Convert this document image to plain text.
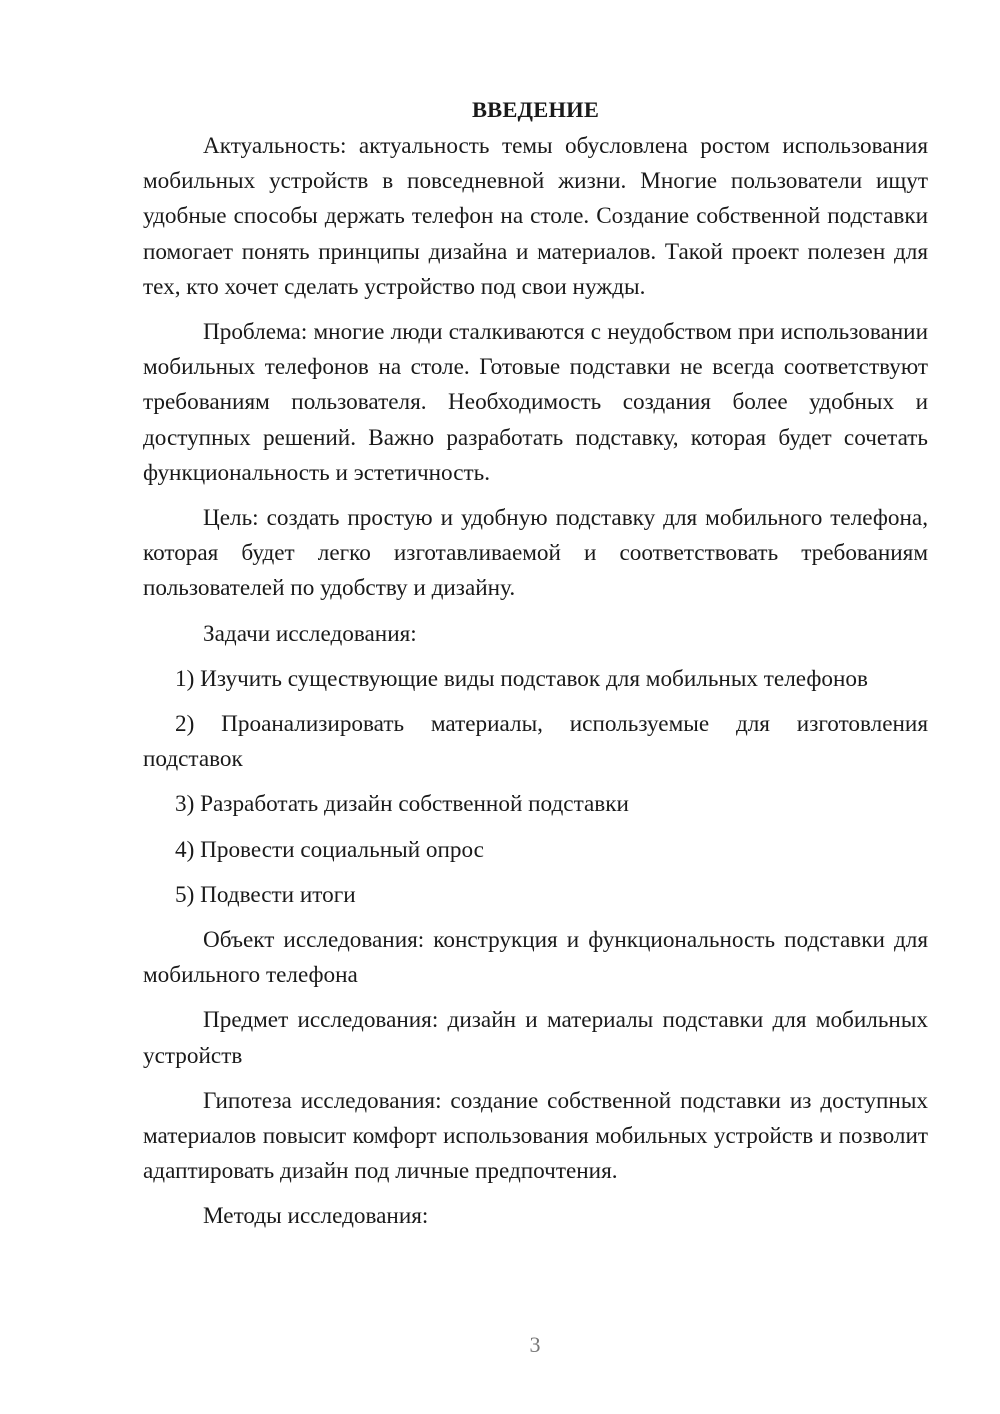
ВВЕДЕНИЕ

Актуальность: актуальность темы обусловлена ростом использования мобильных устройств в повседневной жизни. Многие пользователи ищут удобные способы держать телефон на столе. Создание собственной подставки помогает понять принципы дизайна и материалов. Такой проект полезен для тех, кто хочет сделать устройство под свои нужды.

Проблема: многие люди сталкиваются с неудобством при использовании мобильных телефонов на столе. Готовые подставки не всегда соответствуют требованиям пользователя. Необходимость создания более удобных и доступных решений. Важно разработать подставку, которая будет сочетать функциональность и эстетичность.

Цель: создать простую и удобную подставку для мобильного телефона, которая будет легко изготавливаемой и соответствовать требованиям пользователей по удобству и дизайну.

Задачи исследования:

1) Изучить существующие виды подставок для мобильных телефонов

2) Проанализировать материалы, используемые для изготовления подставок

3) Разработать дизайн собственной подставки

4) Провести социальный опрос

5) Подвести итоги

Объект исследования: конструкция и функциональность подставки для мобильного телефона

Предмет исследования: дизайн и материалы подставки для мобильных устройств

Гипотеза исследования: создание собственной подставки из доступных материалов повысит комфорт использования мобильных устройств и позволит адаптировать дизайн под личные предпочтения.

Методы исследования:

3
